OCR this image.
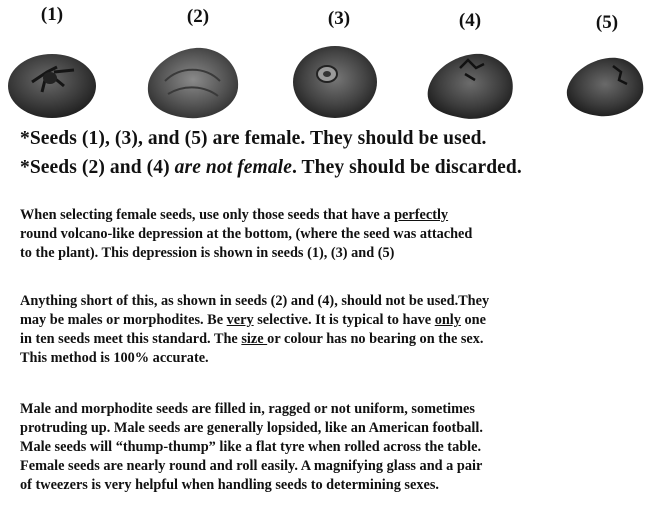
(1)	(2)	(3)	(4)	(5)
*Seeds (1), (3), and (5) are female. They should be used.
*Seeds (2) and (4) are not female. They should be discarded.
When selecting female seeds, use only those seeds that have a perfectly
round volcano-like depression at the bottom, (where the seed was attached
to the plant). This depression is shown in seeds (1), (3) and (5)
Anything short of this, as shown in seeds (2) and (4), should not be used.They
may be males or morphodites. Be very selective. It is typical to have only one
in ten seeds meet this standard. The size or colour has no bearing on the sex.
This method is 100% accurate.
Male and morphodite seeds are filled in, ragged or not uniform, sometimes
protruding up. Male seeds are generally lopsided, like an American football.
Male seeds will “thump-thump” like a flat tyre when rolled across the table.
Female seeds are nearly round and roll easily. A magnifying glass and a pair
of tweezers is very helpful when handling seeds to determining sexes.
